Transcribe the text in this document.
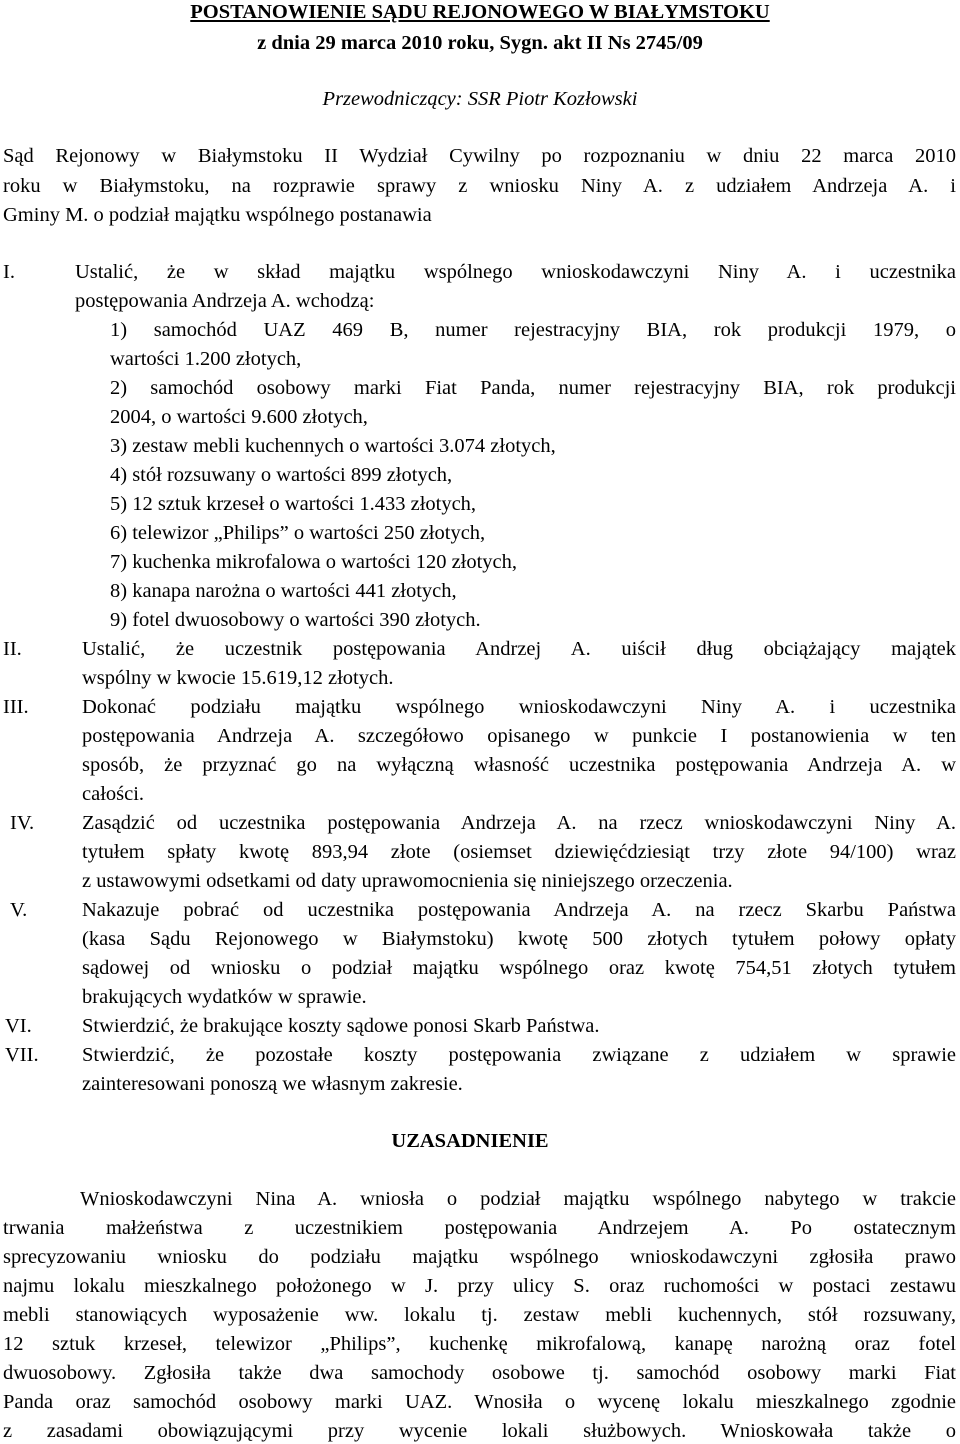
POSTANOWIENIE SĄDU REJONOWEGO W BIAŁYMSTOKU
z dnia 29 marca 2010 roku, Sygn. akt II Ns 2745/09
Przewodniczący: SSR Piotr Kozłowski
Sąd Rejonowy w Białymstoku II Wydział Cywilny po rozpoznaniu w dniu 22 marca 2010
roku w Białymstoku, na rozprawie sprawy z wniosku Niny A. z udziałem Andrzeja A. i
Gminy M. o podział majątku wspólnego postanawia
I.	Ustalić, że w skład majątku wspólnego wnioskodawczyni Niny A. i uczestnika
postępowania Andrzeja A. wchodzą:
1) samochód UAZ 469 B, numer rejestracyjny BIA, rok produkcji 1979, o
wartości 1.200 złotych,
2) samochód osobowy marki Fiat Panda, numer rejestracyjny BIA, rok produkcji
2004, o wartości 9.600 złotych,
3) zestaw mebli kuchennych o wartości 3.074 złotych,
4) stół rozsuwany o wartości 899 złotych,
5) 12 sztuk krzeseł o wartości 1.433 złotych,
6) telewizor „Philips” o wartości 250 złotych,
7) kuchenka mikrofalowa o wartości 120 złotych,
8) kanapa narożna o wartości 441 złotych,
9) fotel dwuosobowy o wartości 390 złotych.
II.	Ustalić, że uczestnik postępowania Andrzej A. uiścił dług obciążający majątek
wspólny w kwocie 15.619,12 złotych.
III.	Dokonać podziału majątku wspólnego wnioskodawczyni Niny A. i uczestnika
postępowania Andrzeja A. szczegółowo opisanego w punkcie I postanowienia w ten
sposób, że przyznać go na wyłączną własność uczestnika postępowania Andrzeja A. w
całości.
IV. Zasądzić od uczestnika postępowania Andrzeja A. na rzecz wnioskodawczyni Niny A.
tytułem spłaty kwotę 893,94 złote (osiemset dziewięćdziesiąt trzy złote 94/100) wraz
z ustawowymi odsetkami od daty uprawomocnienia się niniejszego orzeczenia.
V.	Nakazuje pobrać od uczestnika postępowania Andrzeja A. na rzecz Skarbu Państwa
(kasa Sądu Rejonowego w Białymstoku) kwotę 500 złotych tytułem połowy opłaty
sądowej od wniosku o podział majątku wspólnego oraz kwotę 754,51 złotych tytułem
brakujących wydatków w sprawie.
VI. Stwierdzić, że brakujące koszty sądowe ponosi Skarb Państwa.
VII. Stwierdzić, że pozostałe koszty postępowania związane z udziałem w sprawie
zainteresowani ponoszą we własnym zakresie.
UZASADNIENIE
Wnioskodawczyni Nina A. wniosła o podział majątku wspólnego nabytego w trakcie
trwania małżeństwa z uczestnikiem postępowania Andrzejem A. Po ostatecznym
sprecyzowaniu wniosku do podziału majątku wspólnego wnioskodawczyni zgłosiła prawo
najmu lokalu mieszkalnego położonego w J. przy ulicy S. oraz ruchomości w postaci zestawu
mebli stanowiących wyposażenie ww. lokalu tj. zestaw mebli kuchennych, stół rozsuwany,
12 sztuk krzeseł, telewizor „Philips”, kuchenkę mikrofalową, kanapę narożną oraz fotel
dwuosobowy. Zgłosiła także dwa samochody osobowe tj. samochód osobowy marki Fiat
Panda oraz samochód osobowy marki UAZ. Wnosiła o wycenę lokalu mieszkalnego zgodnie
z zasadami obowiązującymi przy wycenie lokali służbowych. Wnioskowała także o
